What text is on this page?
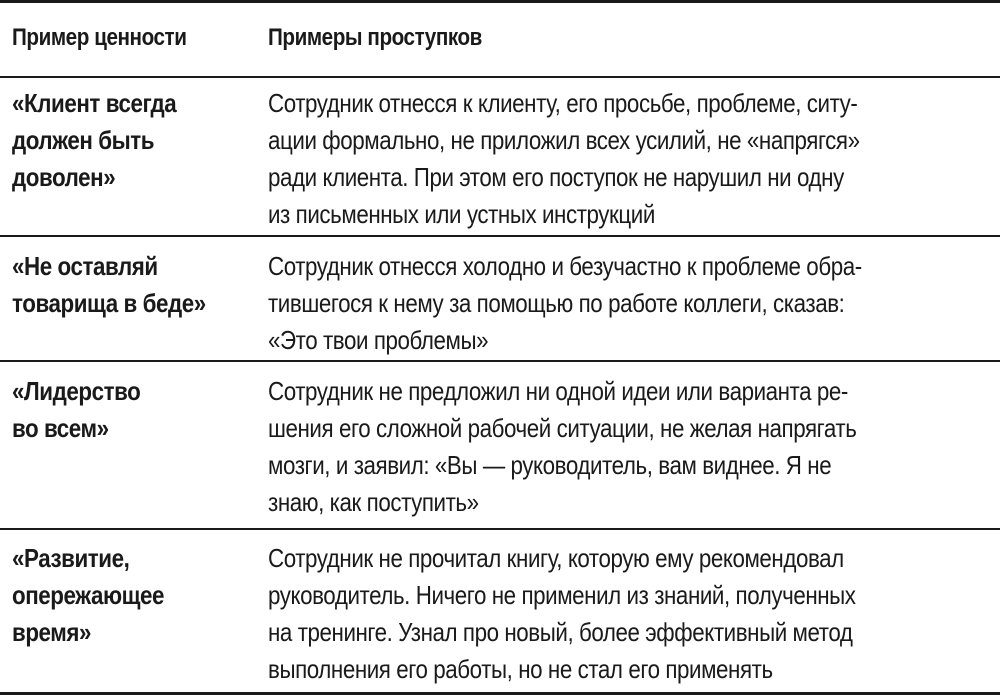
Пример ценности	Примеры проступков
«Клиент всегда
должен быть
доволен»
Сотрудник отнесся к клиенту, его просьбе, проблеме, ситу-
ации формально, не приложил всех усилий, не «напрягся»
ради клиента. При этом его поступок не нарушил ни одну
из письменных или устных инструкций
«Не оставляй
товарища в беде»
Сотрудник отнесся холодно и безучастно к проблеме обра-
тившегося к нему за помощью по работе коллеги, сказав:
«Это твои проблемы»
«Лидерство
во всем»
Сотрудник не предложил ни одной идеи или варианта ре-
шения его сложной рабочей ситуации, не желая напрягать
мозги, и заявил: «Вы — руководитель, вам виднее. Я не
знаю, как поступить»
«Развитие,
опережающее
время»
Сотрудник не прочитал книгу, которую ему рекомендовал
руководитель. Ничего не применил из знаний, полученных
на тренинге. Узнал про новый, более эффективный метод
выполнения его работы, но не стал его применять
